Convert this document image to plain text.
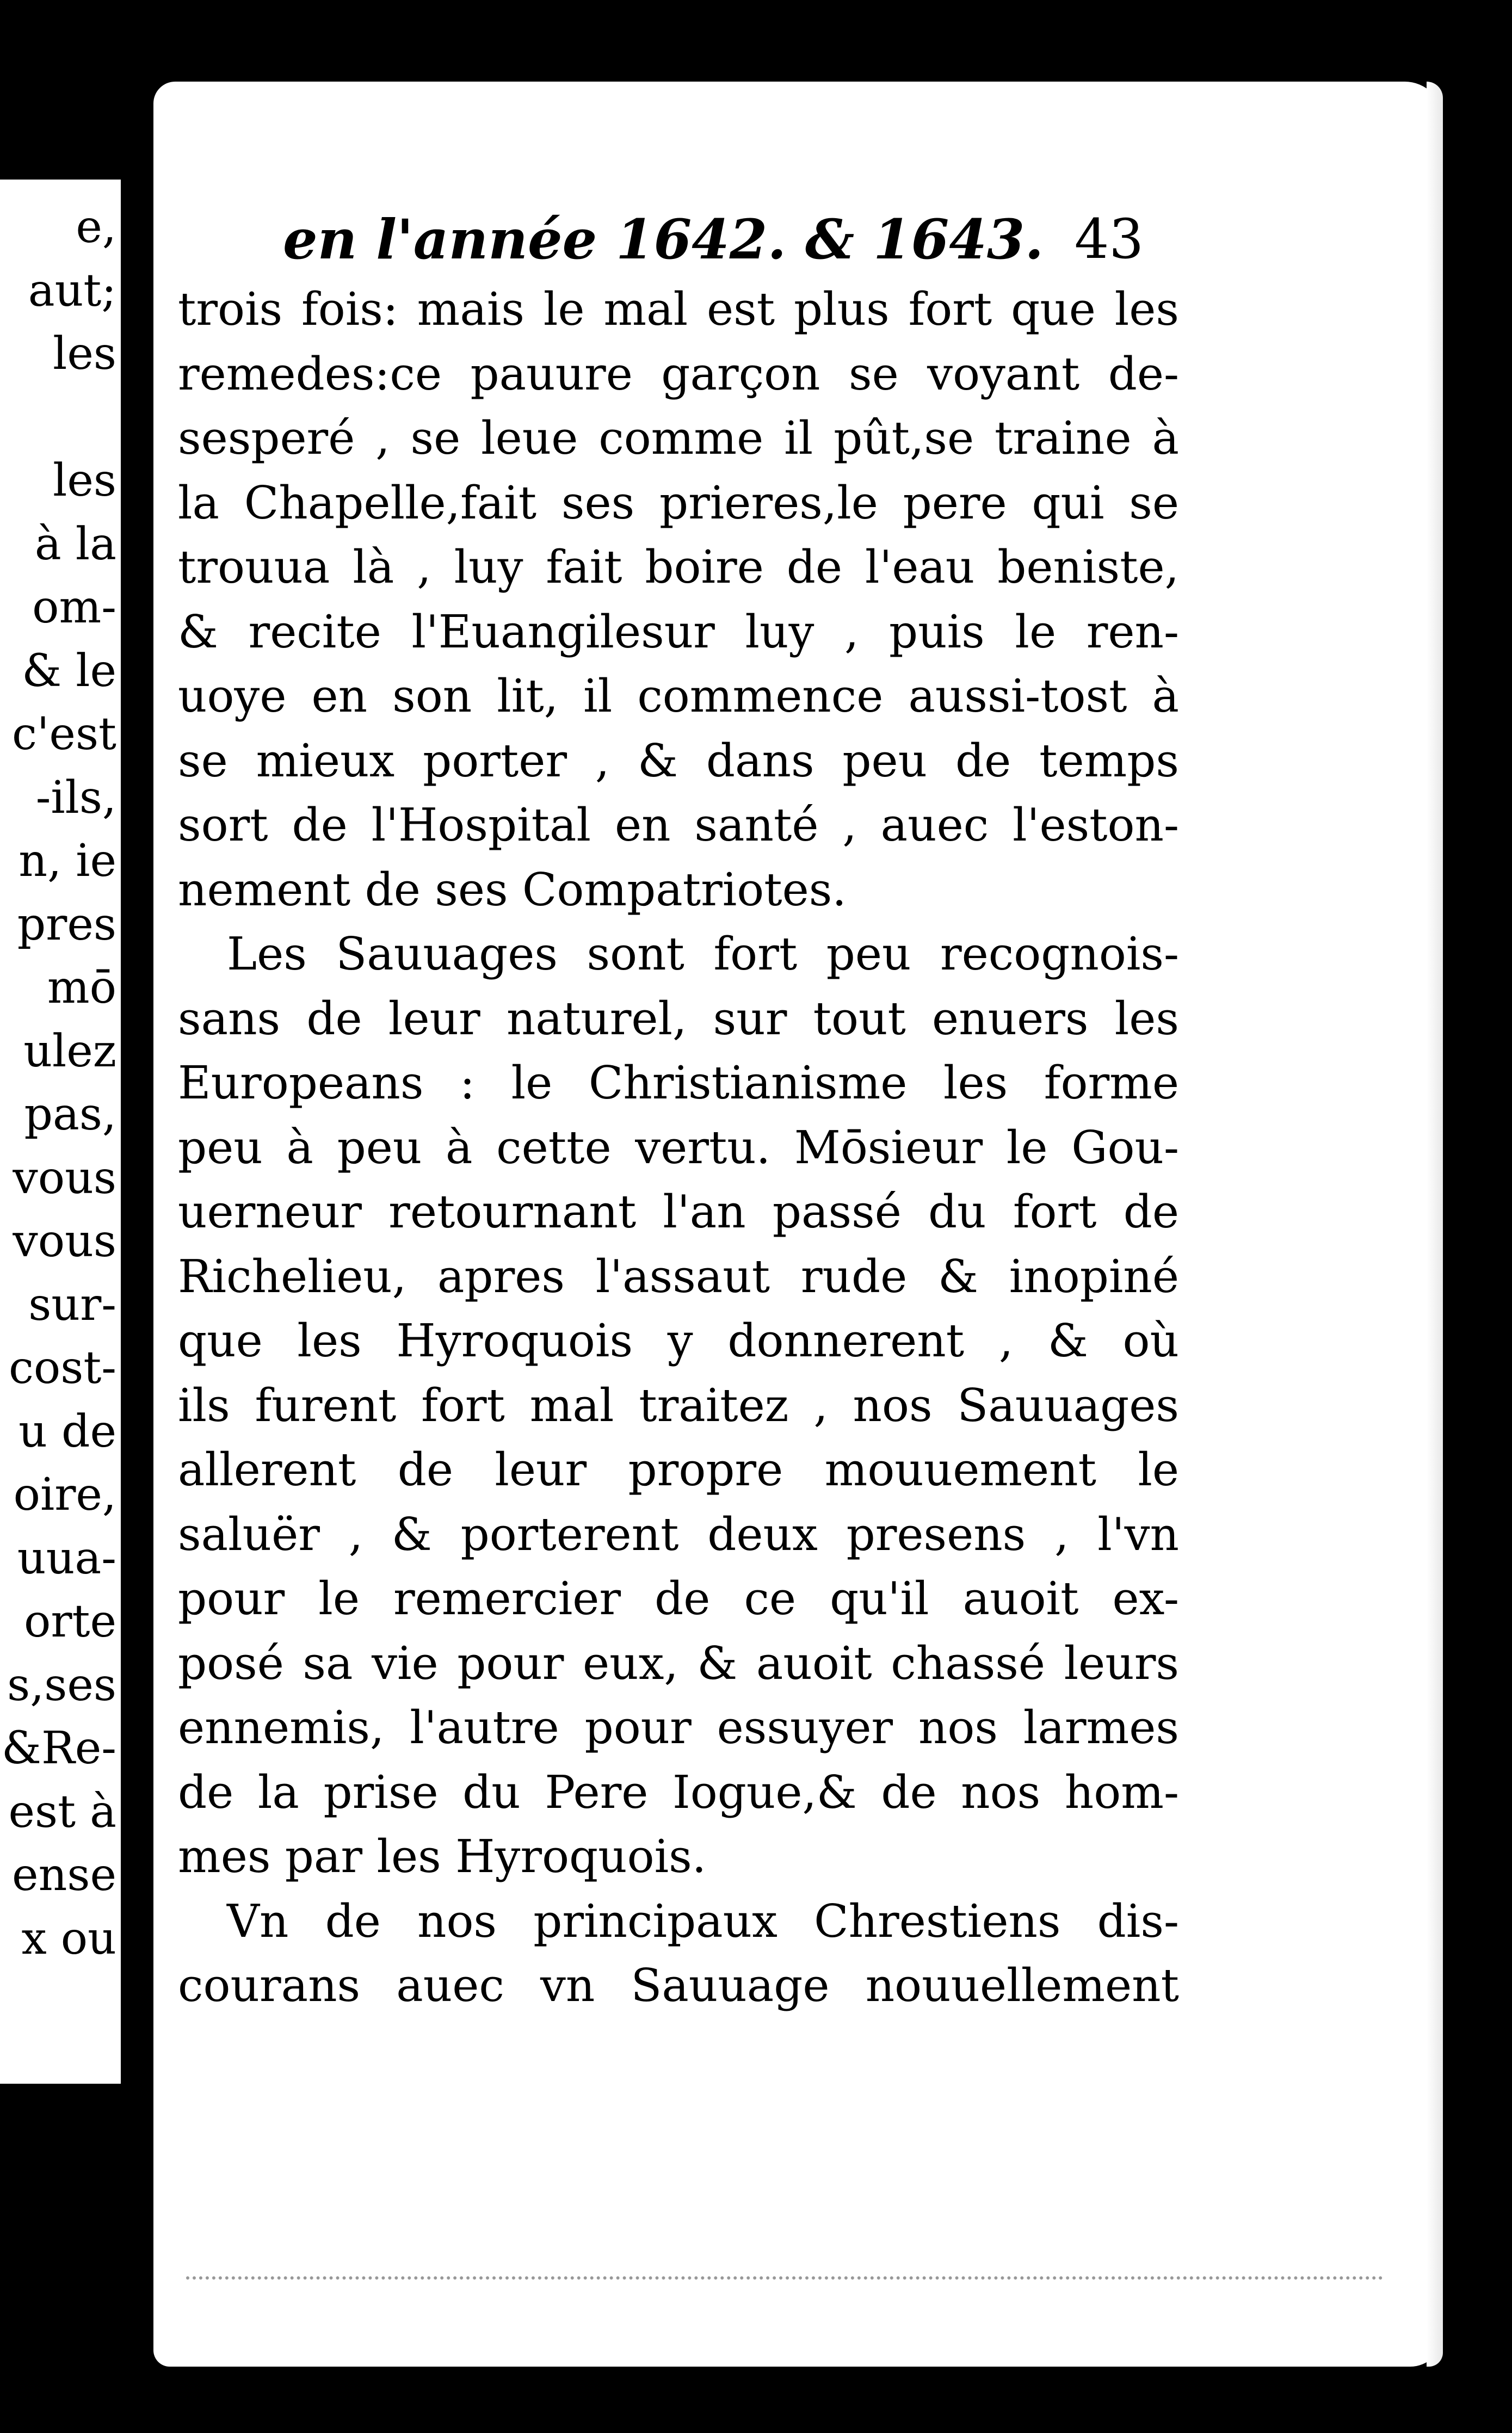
e,
aut;
les
les
à la
om-
& le
c'est
-ils,
n, ie
pres
mō
ulez
pas,
vous
vous
sur-
cost-
u de
oire,
uua-
orte
s,ses
&Re-
est à
ense
x ou
en l'année 1642. & 1643. 43
trois fois: mais le mal est plus fort que les
remedes:ce pauure garçon se voyant de-
sesperé , se leue comme il pût,se traine à
la Chapelle,fait ses prieres,le pere qui se
trouua là , luy fait boire de l'eau beniste,
& recite l'Euangilesur luy , puis le ren-
uoye en son lit, il commence aussi-tost à
se mieux porter , & dans peu de temps
sort de l'Hospital en santé , auec l'eston-
nement de ses Compatriotes.
Les Sauuages sont fort peu recognois-
sans de leur naturel, sur tout enuers les
Europeans : le Christianisme les forme
peu à peu à cette vertu. Mōsieur le Gou-
uerneur retournant l'an passé du fort de
Richelieu, apres l'assaut rude & inopiné
que les Hyroquois y donnerent , & où
ils furent fort mal traitez , nos Sauuages
allerent de leur propre mouuement le
saluër , & porterent deux presens , l'vn
pour le remercier de ce qu'il auoit ex-
posé sa vie pour eux, & auoit chassé leurs
ennemis, l'autre pour essuyer nos larmes
de la prise du Pere Iogue,& de nos hom-
mes par les Hyroquois.
Vn de nos principaux Chrestiens dis-
courans auec vn Sauuage nouuellement
